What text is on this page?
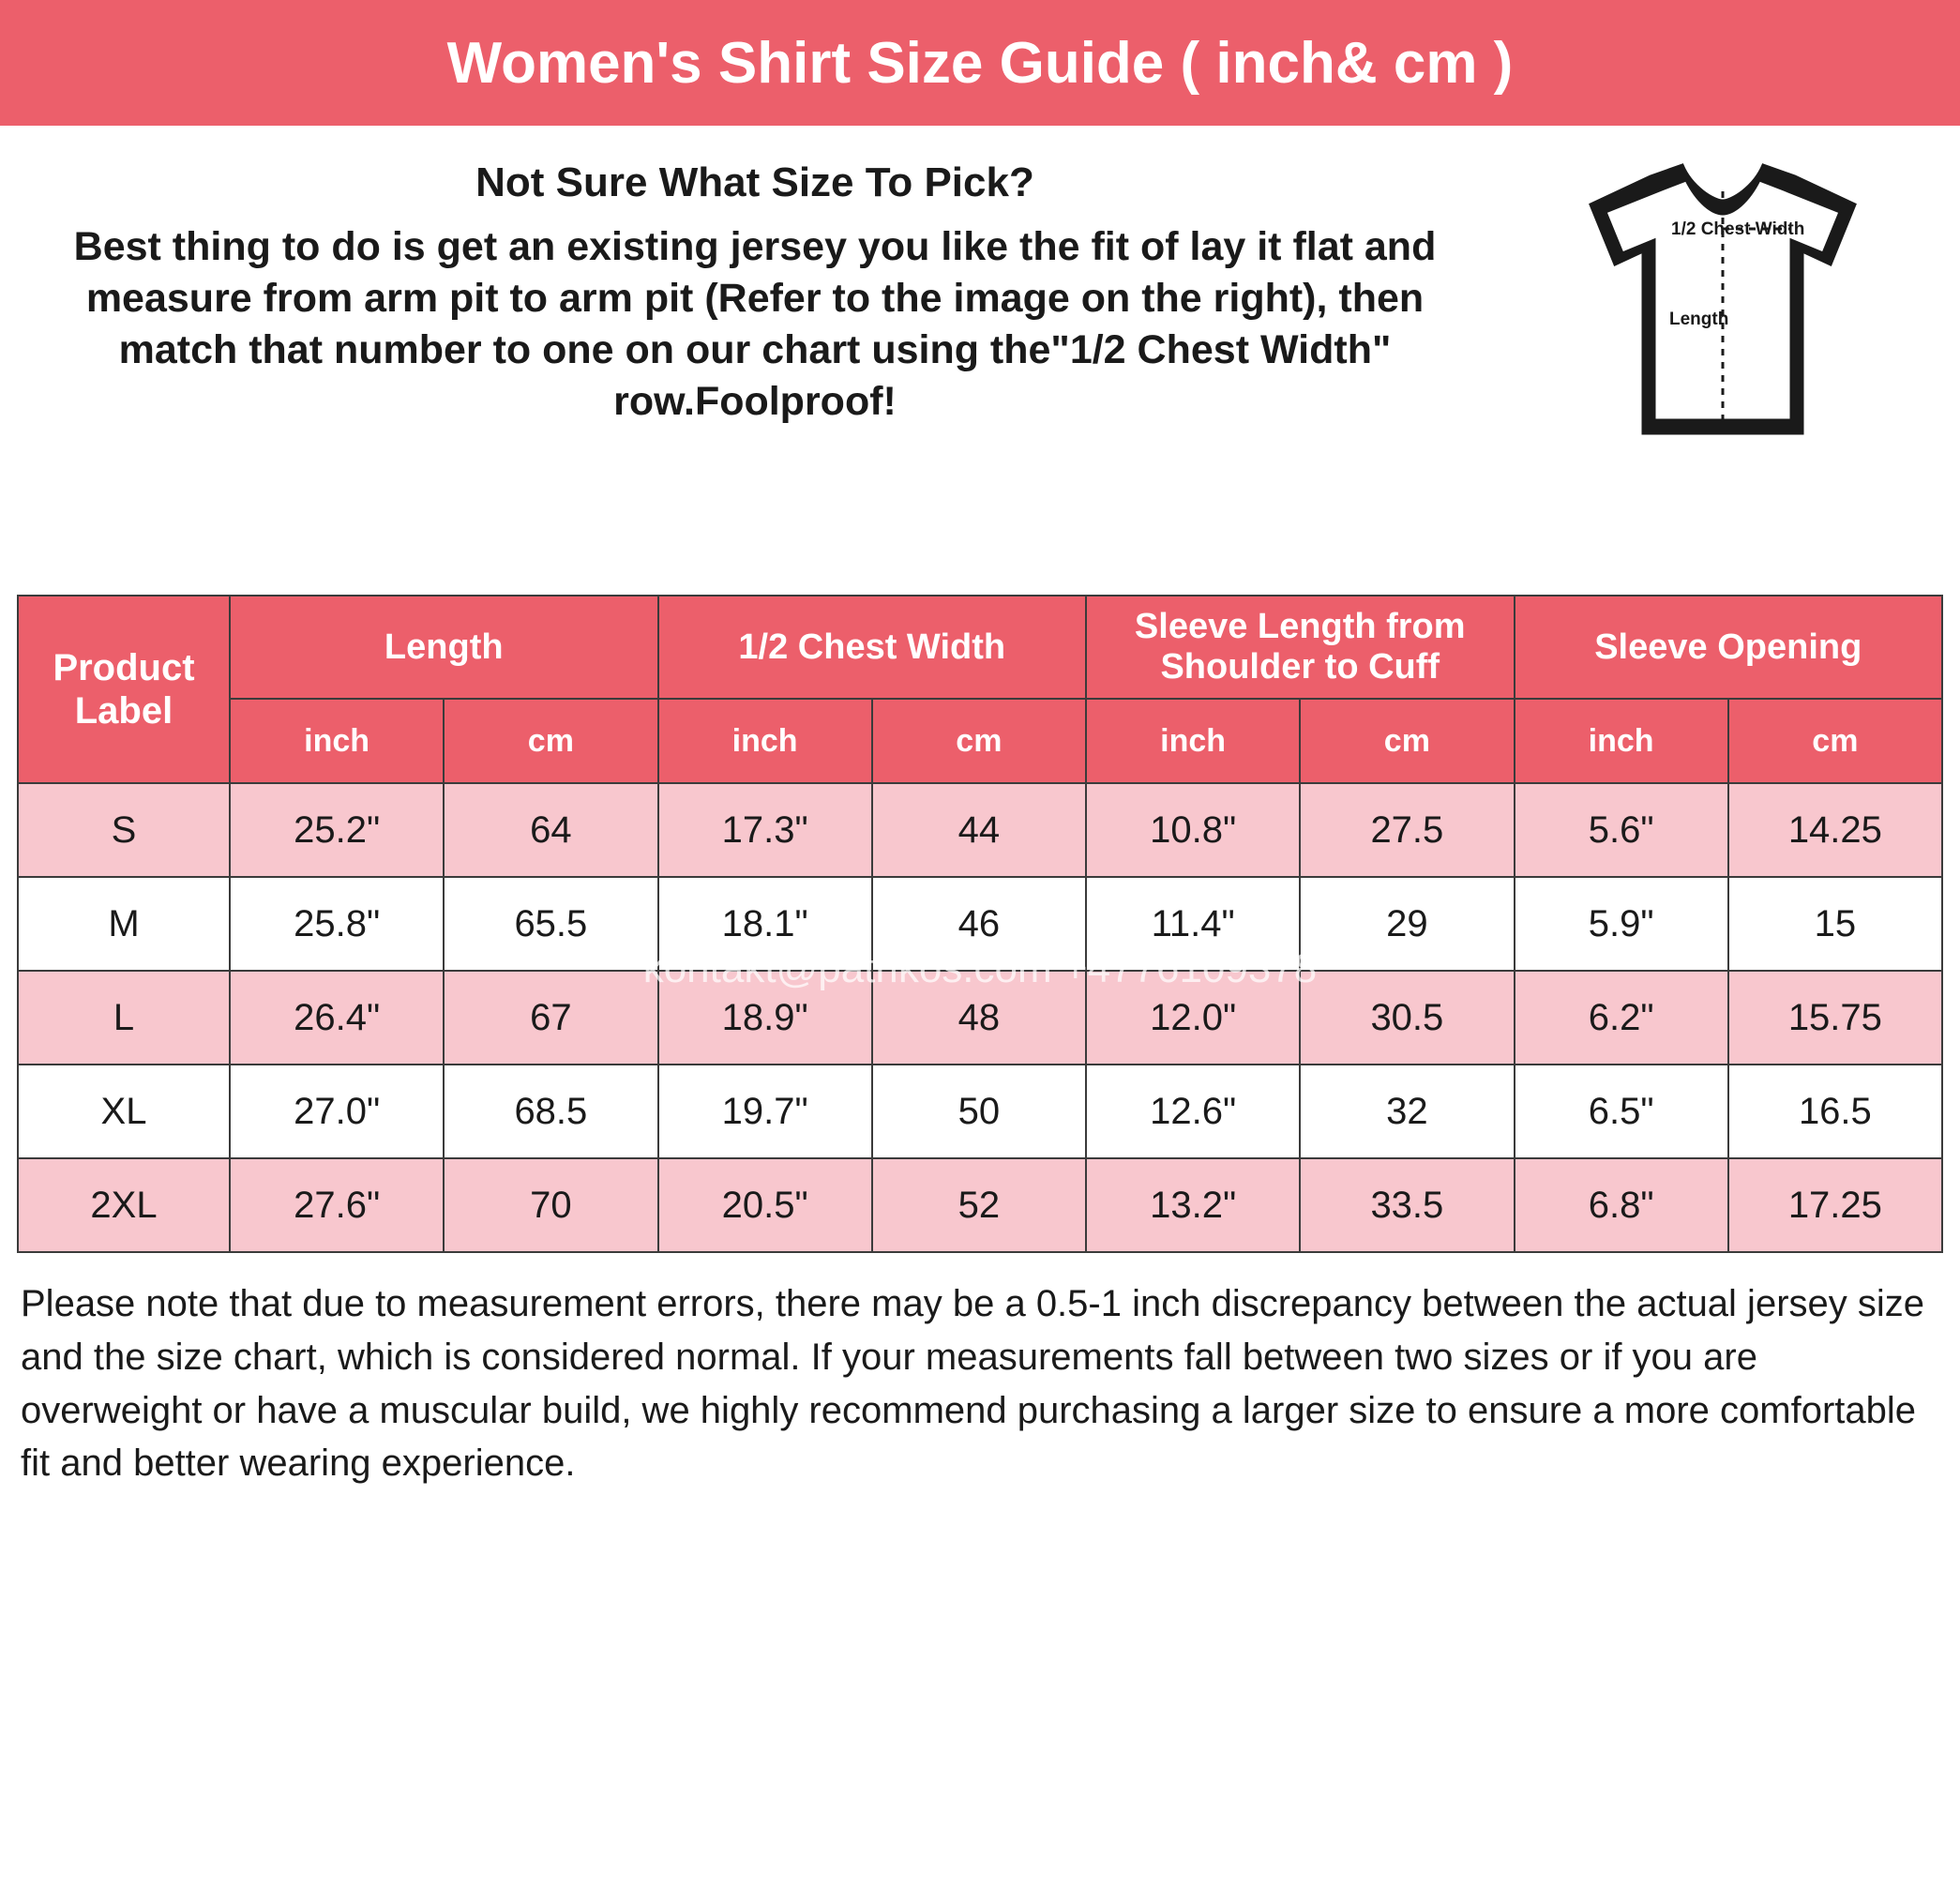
Women's Shirt Size Guide ( inch& cm )

Not Sure What Size To Pick?

Best thing to do is get an existing jersey you like the fit of lay it flat and measure from arm pit to arm pit (Refer to the image on the right), then match that number to one on our chart using the"1/2 Chest Width" row.Foolproof!

1/2 Chest Width
Length
Product Label	Length		1/2 Chest Width		Sleeve Length from Shoulder to Cuff		Sleeve Opening	
	inch	cm	inch	cm	inch	cm	inch	cm
S	25.2"	64	17.3"	44	10.8"	27.5	5.6"	14.25
M	25.8"	65.5	18.1"	46	11.4"	29	5.9"	15
L	26.4"	67	18.9"	48	12.0"	30.5	6.2"	15.75
XL	27.0"	68.5	19.7"	50	12.6"	32	6.5"	16.5
2XL	27.6"	70	20.5"	52	13.2"	33.5	6.8"	17.25
kontakt@patrikos.com +4776109378
Please note that due to measurement errors, there may be a 0.5-1 inch discrepancy between the actual jersey size and the size chart, which is considered normal. If your measurements fall between two sizes or if you are overweight or have a muscular build, we highly recommend purchasing a larger size to ensure a more comfortable fit and better wearing experience.
